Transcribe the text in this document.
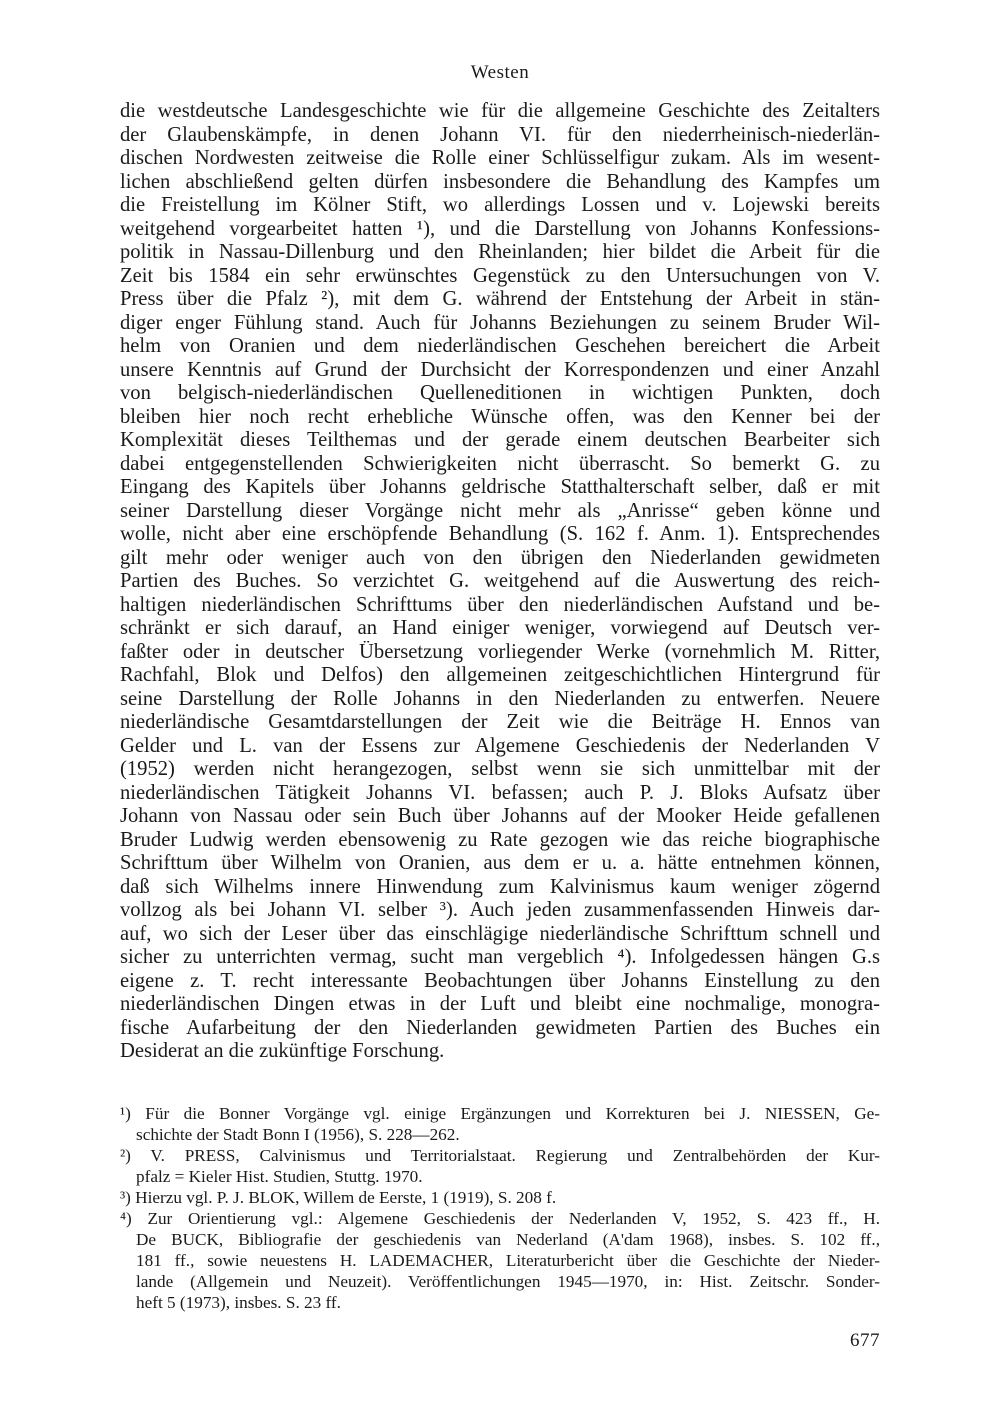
Westen
die westdeutsche Landesgeschichte wie für die allgemeine Geschichte des Zeitalters
der Glaubenskämpfe, in denen Johann VI. für den niederrheinisch-niederlän-
dischen Nordwesten zeitweise die Rolle einer Schlüsselfigur zukam. Als im wesent-
lichen abschließend gelten dürfen insbesondere die Behandlung des Kampfes um
die Freistellung im Kölner Stift, wo allerdings Lossen und v. Lojewski bereits
weitgehend vorgearbeitet hatten ¹), und die Darstellung von Johanns Konfessions-
politik in Nassau-Dillenburg und den Rheinlanden; hier bildet die Arbeit für die
Zeit bis 1584 ein sehr erwünschtes Gegenstück zu den Untersuchungen von V.
Press über die Pfalz ²), mit dem G. während der Entstehung der Arbeit in stän-
diger enger Fühlung stand. Auch für Johanns Beziehungen zu seinem Bruder Wil-
helm von Oranien und dem niederländischen Geschehen bereichert die Arbeit
unsere Kenntnis auf Grund der Durchsicht der Korrespondenzen und einer Anzahl
von belgisch-niederländischen Quelleneditionen in wichtigen Punkten, doch
bleiben hier noch recht erhebliche Wünsche offen, was den Kenner bei der
Komplexität dieses Teilthemas und der gerade einem deutschen Bearbeiter sich
dabei entgegenstellenden Schwierigkeiten nicht überrascht. So bemerkt G. zu
Eingang des Kapitels über Johanns geldrische Statthalterschaft selber, daß er mit
seiner Darstellung dieser Vorgänge nicht mehr als „Anrisse“ geben könne und
wolle, nicht aber eine erschöpfende Behandlung (S. 162 f. Anm. 1). Entsprechendes
gilt mehr oder weniger auch von den übrigen den Niederlanden gewidmeten
Partien des Buches. So verzichtet G. weitgehend auf die Auswertung des reich-
haltigen niederländischen Schrifttums über den niederländischen Aufstand und be-
schränkt er sich darauf, an Hand einiger weniger, vorwiegend auf Deutsch ver-
faßter oder in deutscher Übersetzung vorliegender Werke (vornehmlich M. Ritter,
Rachfahl, Blok und Delfos) den allgemeinen zeitgeschichtlichen Hintergrund für
seine Darstellung der Rolle Johanns in den Niederlanden zu entwerfen. Neuere
niederländische Gesamtdarstellungen der Zeit wie die Beiträge H. Ennos van
Gelder und L. van der Essens zur Algemene Geschiedenis der Nederlanden V
(1952) werden nicht herangezogen, selbst wenn sie sich unmittelbar mit der
niederländischen Tätigkeit Johanns VI. befassen; auch P. J. Bloks Aufsatz über
Johann von Nassau oder sein Buch über Johanns auf der Mooker Heide gefallenen
Bruder Ludwig werden ebensowenig zu Rate gezogen wie das reiche biographische
Schrifttum über Wilhelm von Oranien, aus dem er u. a. hätte entnehmen können,
daß sich Wilhelms innere Hinwendung zum Kalvinismus kaum weniger zögernd
vollzog als bei Johann VI. selber ³). Auch jeden zusammenfassenden Hinweis dar-
auf, wo sich der Leser über das einschlägige niederländische Schrifttum schnell und
sicher zu unterrichten vermag, sucht man vergeblich ⁴). Infolgedessen hängen G.s
eigene z. T. recht interessante Beobachtungen über Johanns Einstellung zu den
niederländischen Dingen etwas in der Luft und bleibt eine nochmalige, monogra-
fische Aufarbeitung der den Niederlanden gewidmeten Partien des Buches ein
Desiderat an die zukünftige Forschung.
¹) Für die Bonner Vorgänge vgl. einige Ergänzungen und Korrekturen bei J. NIESSEN, Ge-
schichte der Stadt Bonn I (1956), S. 228—262.
²) V. PRESS, Calvinismus und Territorialstaat. Regierung und Zentralbehörden der Kur-
pfalz = Kieler Hist. Studien, Stuttg. 1970.
³) Hierzu vgl. P. J. BLOK, Willem de Eerste, 1 (1919), S. 208 f.
⁴) Zur Orientierung vgl.: Algemene Geschiedenis der Nederlanden V, 1952, S. 423 ff., H.
De BUCK, Bibliografie der geschiedenis van Nederland (A'dam 1968), insbes. S. 102 ff.,
181 ff., sowie neuestens H. LADEMACHER, Literaturbericht über die Geschichte der Nieder-
lande (Allgemein und Neuzeit). Veröffentlichungen 1945—1970, in: Hist. Zeitschr. Sonder-
heft 5 (1973), insbes. S. 23 ff.
677
